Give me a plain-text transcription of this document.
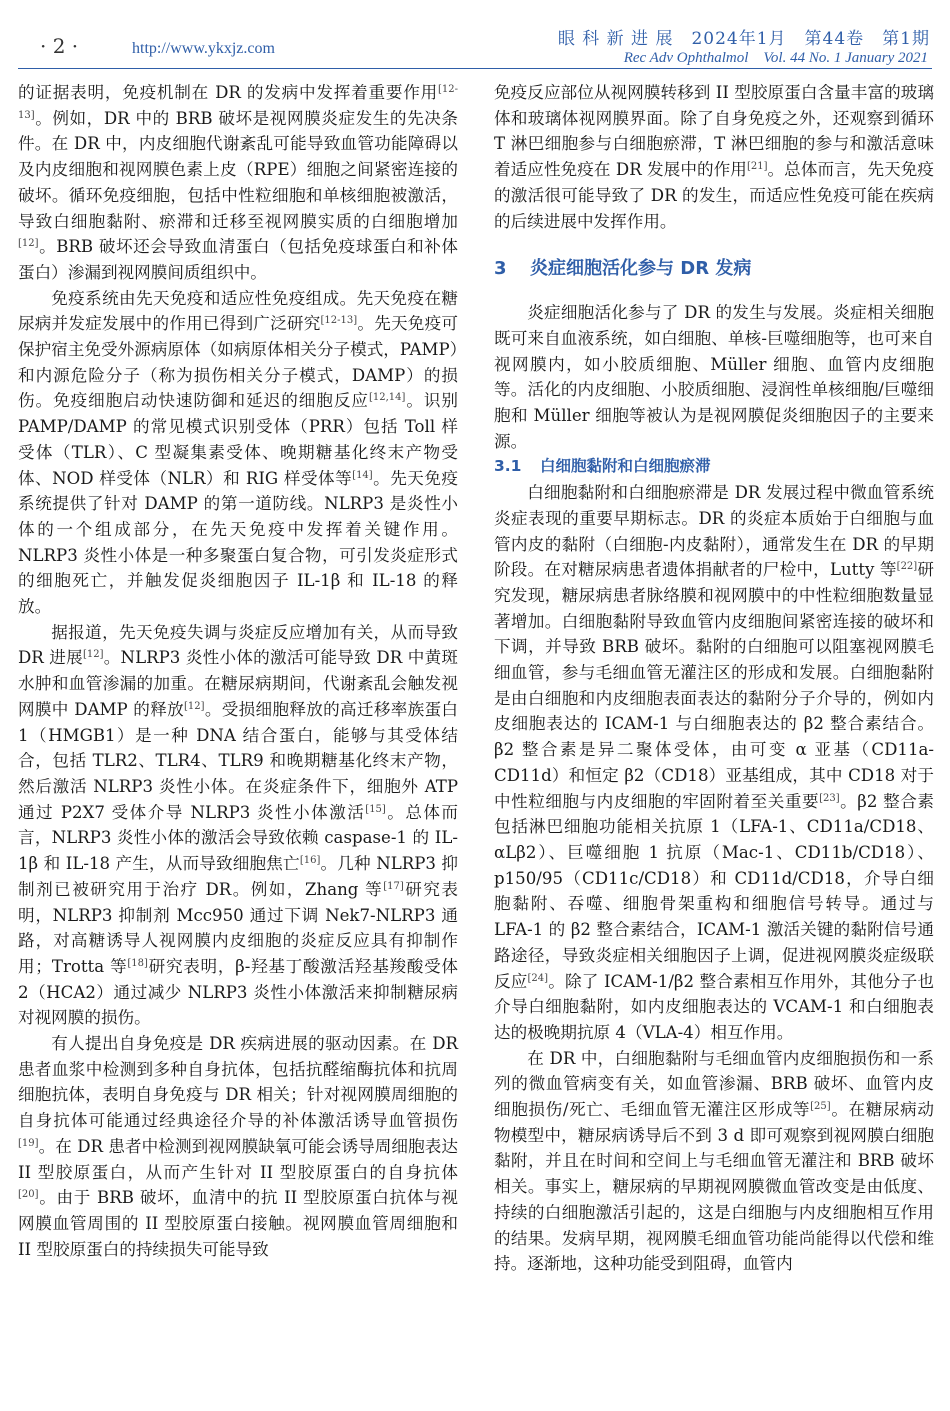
· 2 ·	http://www.ykxjz.com	眼 科 新 进 展　2024年1月　第44卷　第1期
Rec Adv Ophthalmol　Vol. 44 No. 1 January 2021

的证据表明，免疫机制在 DR 的发病中发挥着重要作用[12-13]。例如，DR 中的 BRB 破坏是视网膜炎症发生的先决条件。在 DR 中，内皮细胞代谢紊乱可能导致血管功能障碍以及内皮细胞和视网膜色素上皮（RPE）细胞之间紧密连接的破坏。循环免疫细胞，包括中性粒细胞和单核细胞被激活，导致白细胞黏附、瘀滞和迁移至视网膜实质的白细胞增加[12]。BRB 破坏还会导致血清蛋白（包括免疫球蛋白和补体蛋白）渗漏到视网膜间质组织中。

免疫系统由先天免疫和适应性免疫组成。先天免疫在糖尿病并发症发展中的作用已得到广泛研究[12-13]。先天免疫可保护宿主免受外源病原体（如病原体相关分子模式，PAMP）和内源危险分子（称为损伤相关分子模式，DAMP）的损伤。免疫细胞启动快速防御和延迟的细胞反应[12,14]。识别 PAMP/DAMP 的常见模式识别受体（PRR）包括 Toll 样受体（TLR）、C 型凝集素受体、晚期糖基化终末产物受体、NOD 样受体（NLR）和 RIG 样受体等[14]。先天免疫系统提供了针对 DAMP 的第一道防线。NLRP3 是炎性小体的一个组成部分，在先天免疫中发挥着关键作用。NLRP3 炎性小体是一种多聚蛋白复合物，可引发炎症形式的细胞死亡，并触发促炎细胞因子 IL-1β 和 IL-18 的释放。

据报道，先天免疫失调与炎症反应增加有关，从而导致 DR 进展[12]。NLRP3 炎性小体的激活可能导致 DR 中黄斑水肿和血管渗漏的加重。在糖尿病期间，代谢紊乱会触发视网膜中 DAMP 的释放[12]。受损细胞释放的高迁移率族蛋白 1（HMGB1）是一种 DNA 结合蛋白，能够与其受体结合，包括 TLR2、TLR4、TLR9 和晚期糖基化终末产物，然后激活 NLRP3 炎性小体。在炎症条件下，细胞外 ATP 通过 P2X7 受体介导 NLRP3 炎性小体激活[15]。总体而言，NLRP3 炎性小体的激活会导致依赖 caspase-1 的 IL-1β 和 IL-18 产生，从而导致细胞焦亡[16]。几种 NLRP3 抑制剂已被研究用于治疗 DR。例如，Zhang 等[17]研究表明，NLRP3 抑制剂 Mcc950 通过下调 Nek7-NLRP3 通路，对高糖诱导人视网膜内皮细胞的炎症反应具有抑制作用；Trotta 等[18]研究表明，β-羟基丁酸激活羟基羧酸受体 2（HCA2）通过减少 NLRP3 炎性小体激活来抑制糖尿病对视网膜的损伤。

有人提出自身免疫是 DR 疾病进展的驱动因素。在 DR 患者血浆中检测到多种自身抗体，包括抗醛缩酶抗体和抗周细胞抗体，表明自身免疫与 DR 相关；针对视网膜周细胞的自身抗体可能通过经典途径介导的补体激活诱导血管损伤[19]。在 DR 患者中检测到视网膜缺氧可能会诱导周细胞表达 II 型胶原蛋白，从而产生针对 II 型胶原蛋白的自身抗体[20]。由于 BRB 破坏，血清中的抗 II 型胶原蛋白抗体与视网膜血管周围的 II 型胶原蛋白接触。视网膜血管周细胞和 II 型胶原蛋白的持续损失可能导致

免疫反应部位从视网膜转移到 II 型胶原蛋白含量丰富的玻璃体和玻璃体视网膜界面。除了自身免疫之外，还观察到循环 T 淋巴细胞参与白细胞瘀滞，T 淋巴细胞的参与和激活意味着适应性免疫在 DR 发展中的作用[21]。总体而言，先天免疫的激活很可能导致了 DR 的发生，而适应性免疫可能在疾病的后续进展中发挥作用。

3 炎症细胞活化参与 DR 发病

炎症细胞活化参与了 DR 的发生与发展。炎症相关细胞既可来自血液系统，如白细胞、单核-巨噬细胞等，也可来自视网膜内，如小胶质细胞、Müller 细胞、血管内皮细胞等。活化的内皮细胞、小胶质细胞、浸润性单核细胞/巨噬细胞和 Müller 细胞等被认为是视网膜促炎细胞因子的主要来源。

3.1 白细胞黏附和白细胞瘀滞

白细胞黏附和白细胞瘀滞是 DR 发展过程中微血管系统炎症表现的重要早期标志。DR 的炎症本质始于白细胞与血管内皮的黏附（白细胞-内皮黏附），通常发生在 DR 的早期阶段。在对糖尿病患者遗体捐献者的尸检中，Lutty 等[22]研究发现，糖尿病患者脉络膜和视网膜中的中性粒细胞数量显著增加。白细胞黏附导致血管内皮细胞间紧密连接的破坏和下调，并导致 BRB 破坏。黏附的白细胞可以阻塞视网膜毛细血管，参与毛细血管无灌注区的形成和发展。白细胞黏附是由白细胞和内皮细胞表面表达的黏附分子介导的，例如内皮细胞表达的 ICAM-1 与白细胞表达的 β2 整合素结合。β2 整合素是异二聚体受体，由可变 α 亚基（CD11a-CD11d）和恒定 β2（CD18）亚基组成，其中 CD18 对于中性粒细胞与内皮细胞的牢固附着至关重要[23]。β2 整合素包括淋巴细胞功能相关抗原 1（LFA-1、CD11a/CD18、αLβ2）、巨噬细胞 1 抗原（Mac-1、CD11b/CD18）、p150/95（CD11c/CD18）和 CD11d/CD18，介导白细胞黏附、吞噬、细胞骨架重构和细胞信号转导。通过与 LFA-1 的 β2 整合素结合，ICAM-1 激活关键的黏附信号通路途径，导致炎症相关细胞因子上调，促进视网膜炎症级联反应[24]。除了 ICAM-1/β2 整合素相互作用外，其他分子也介导白细胞黏附，如内皮细胞表达的 VCAM-1 和白细胞表达的极晚期抗原 4（VLA-4）相互作用。

在 DR 中，白细胞黏附与毛细血管内皮细胞损伤和一系列的微血管病变有关，如血管渗漏、BRB 破坏、血管内皮细胞损伤/死亡、毛细血管无灌注区形成等[25]。在糖尿病动物模型中，糖尿病诱导后不到 3 d 即可观察到视网膜白细胞黏附，并且在时间和空间上与毛细血管无灌注和 BRB 破坏相关。事实上，糖尿病的早期视网膜微血管改变是由低度、持续的白细胞激活引起的，这是白细胞与内皮细胞相互作用的结果。发病早期，视网膜毛细血管功能尚能得以代偿和维持。逐渐地，这种功能受到阻碍，血管内
